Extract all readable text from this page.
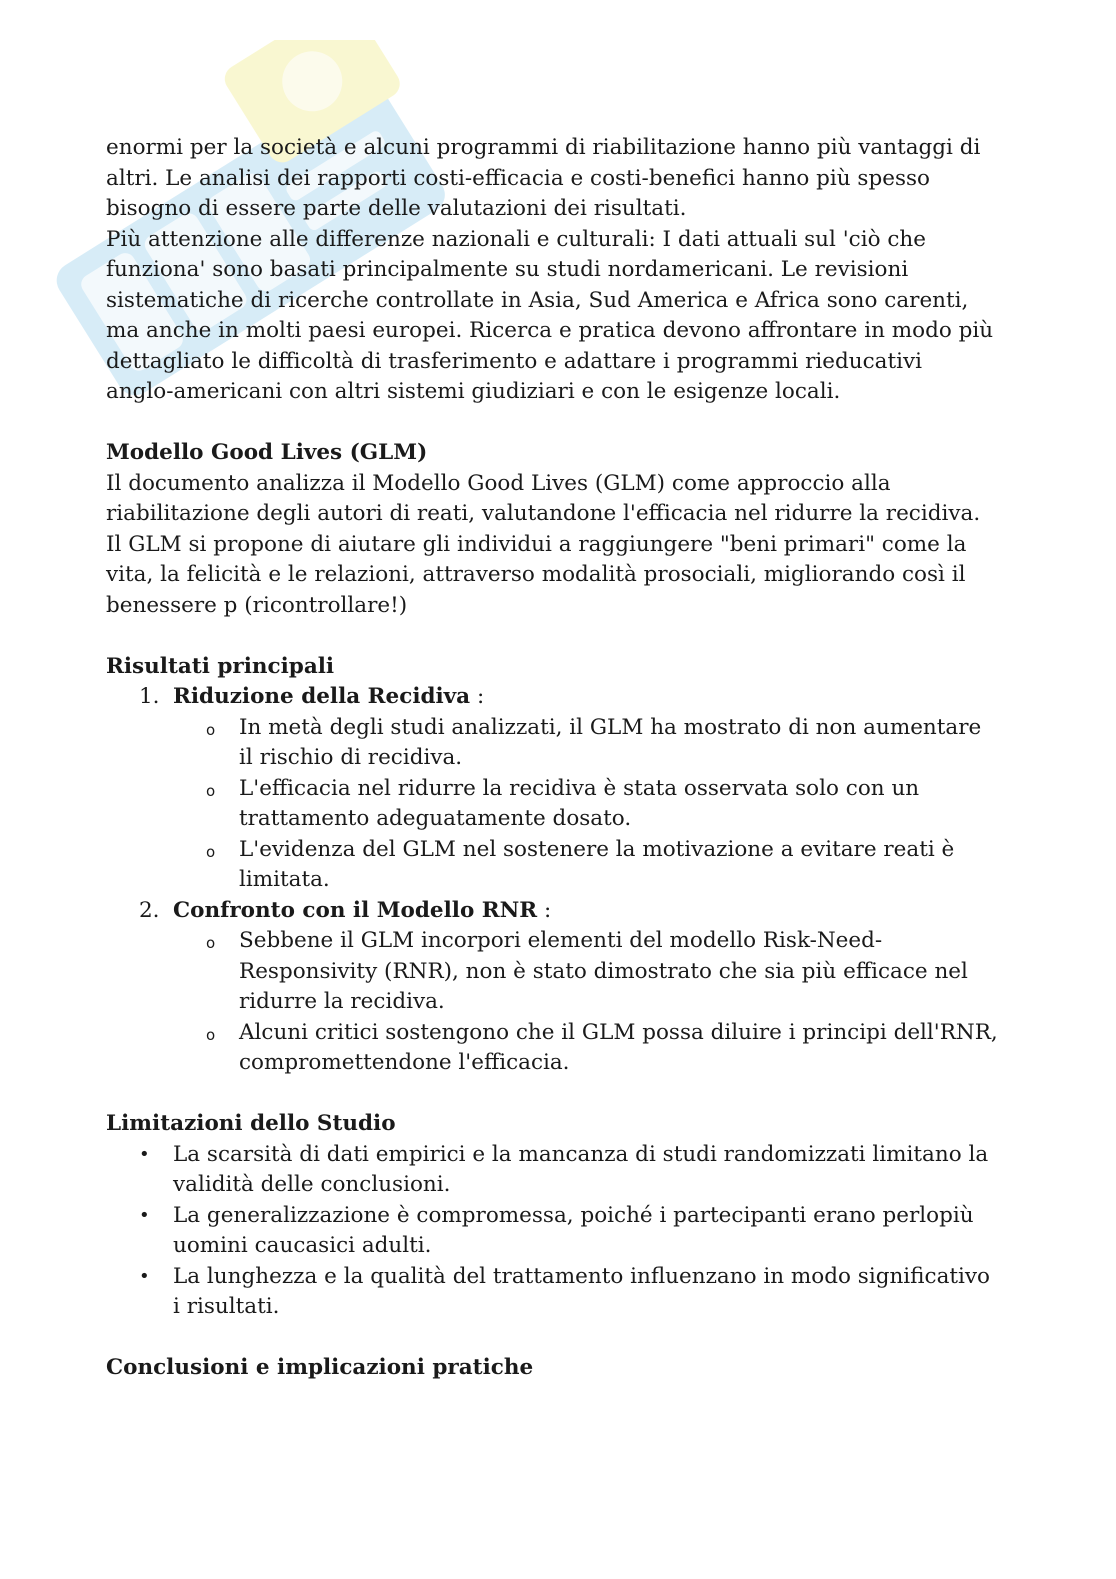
enormi per la società e alcuni programmi di riabilitazione hanno più vantaggi di

altri. Le analisi dei rapporti costi-efficacia e costi-benefici hanno più spesso

bisogno di essere parte delle valutazioni dei risultati.

Più attenzione alle differenze nazionali e culturali: I dati attuali sul 'ciò che

funziona' sono basati principalmente su studi nordamericani. Le revisioni

sistematiche di ricerche controllate in Asia, Sud America e Africa sono carenti,

ma anche in molti paesi europei. Ricerca e pratica devono affrontare in modo più

dettagliato le difficoltà di trasferimento e adattare i programmi rieducativi

anglo-americani con altri sistemi giudiziari e con le esigenze locali.

Modello Good Lives (GLM)

Il documento analizza il Modello Good Lives (GLM) come approccio alla

riabilitazione degli autori di reati, valutandone l'efficacia nel ridurre la recidiva.

Il GLM si propone di aiutare gli individui a raggiungere "beni primari" come la

vita, la felicità e le relazioni, attraverso modalità prosociali, migliorando così il

benessere p (ricontrollare!)

Risultati principali

1. Riduzione della Recidiva :

o In metà degli studi analizzati, il GLM ha mostrato di non aumentare

il rischio di recidiva.

o L'efficacia nel ridurre la recidiva è stata osservata solo con un

trattamento adeguatamente dosato.

o L'evidenza del GLM nel sostenere la motivazione a evitare reati è

limitata.

2. Confronto con il Modello RNR :

o Sebbene il GLM incorpori elementi del modello Risk-Need-

Responsivity (RNR), non è stato dimostrato che sia più efficace nel

ridurre la recidiva.

o Alcuni critici sostengono che il GLM possa diluire i principi dell'RNR,

compromettendone l'efficacia.

Limitazioni dello Studio

• La scarsità di dati empirici e la mancanza di studi randomizzati limitano la

validità delle conclusioni.

• La generalizzazione è compromessa, poiché i partecipanti erano perlopiù

uomini caucasici adulti.

• La lunghezza e la qualità del trattamento influenzano in modo significativo

i risultati.

Conclusioni e implicazioni pratiche
